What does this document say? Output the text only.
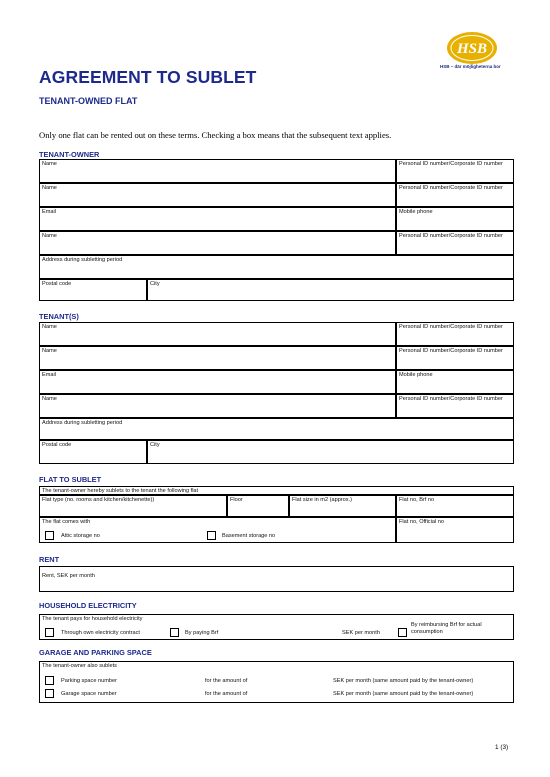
HSB
HSB – där möjligheterna bor
AGREEMENT TO SUBLET
TENANT-OWNED FLAT
Only one flat can be rented out on these terms. Checking a box means that the subsequent text applies.
TENANT-OWNER
Name	Personal ID number/Corporate ID number
Name	Personal ID number/Corporate ID number
Email	Mobile phone
Name	Personal ID number/Corporate ID number
Address during subletting period
Postal code	City
TENANT(S)
Name	Personal ID number/Corporate ID number
Name	Personal ID number/Corporate ID number
Email	Mobile phone
Name	Personal ID number/Corporate ID number
Address during subletting period
Postal code	City
FLAT TO SUBLET
The tenant-owner hereby sublets to the tenant the following flat
Flat type (no. rooms and kitchen/kitchenette))	Floor	Flat size in m2 (approx.)	Flat no, Brf no
The flat comes with	Flat no, Official no
Attic storage no	Basement storage no
RENT
Rent, SEK per month
HOUSEHOLD ELECTRICITY
The tenant pays for household electricity
Through own electricity contract	By paying Brf	SEK per month
By reimbursing Brf for actual consumption
GARAGE AND PARKING SPACE
The tenant-owner also sublets
Parking space number	for the amount of	SEK per month (same amount paid by the tenant-owner)
Garage space number	for the amount of	SEK per month (same amount paid by the tenant-owner)
1 (3)
